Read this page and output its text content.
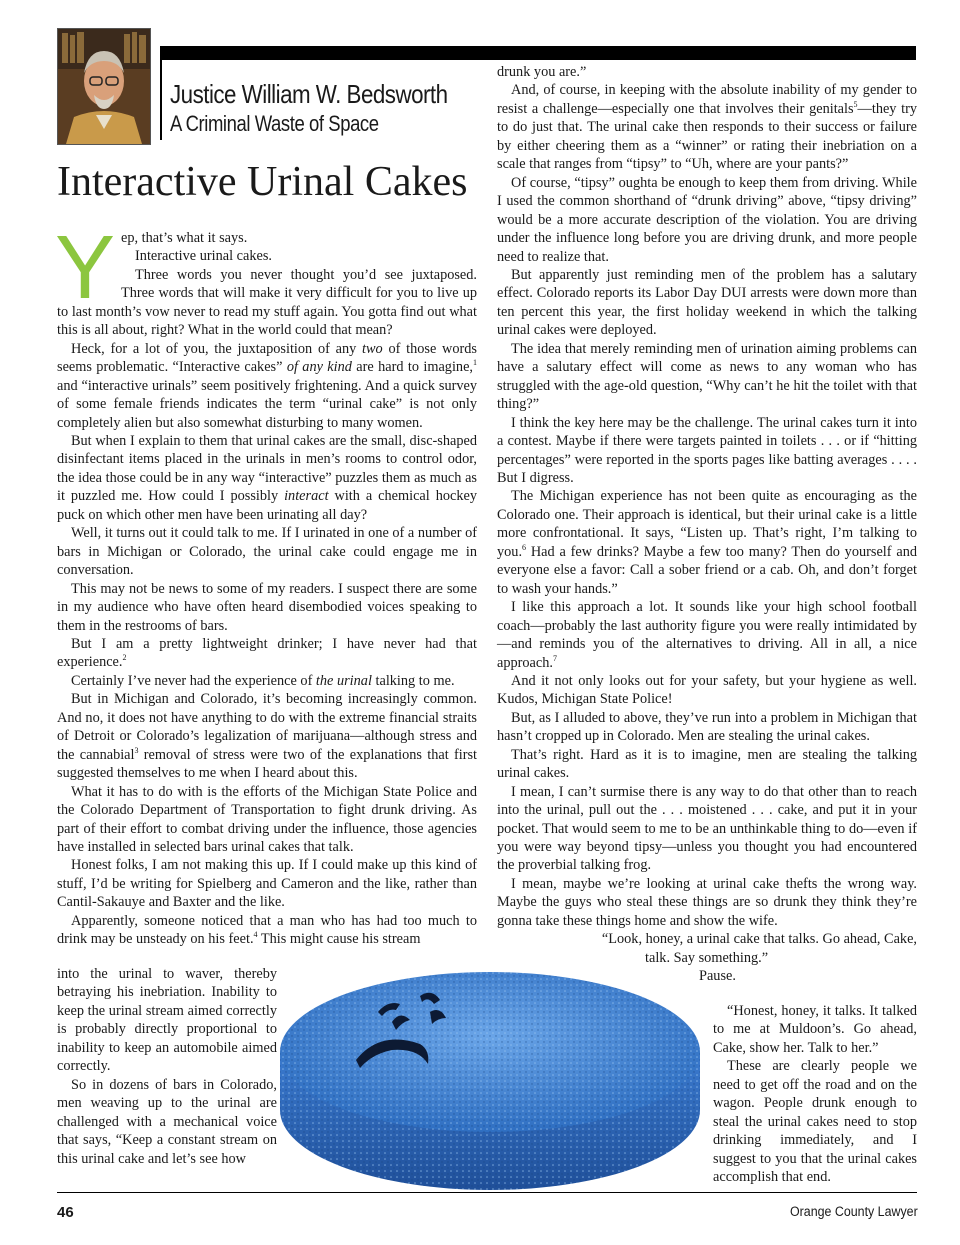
Justice William W. Bedsworth
A Criminal Waste of Space
Interactive Urinal Cakes

Yep, that’s what it says.

Interactive urinal cakes.

Three words you never thought you’d see juxtaposed. Three words that will make it very difficult for you to live up to last month’s vow never to read my stuff again. You gotta find out what this is all about, right? What in the world could that mean?

Heck, for a lot of you, the juxtaposition of any two of those words seems problematic. “Interactive cakes” of any kind are hard to imagine,$^1$ and “interactive urinals” seem positively frightening. And a quick survey of some female friends indicates the term “urinal cake” is not only completely alien but also somewhat disturbing to many women.

But when I explain to them that urinal cakes are the small, disc-shaped disinfectant items placed in the urinals in men’s rooms to control odor, the idea those could be in any way “interactive” puzzles them as much as it puzzled me. How could I possibly interact with a chemical hockey puck on which other men have been urinating all day?

Well, it turns out it could talk to me. If I urinated in one of a number of bars in Michigan or Colorado, the urinal cake could engage me in conversation.

This may not be news to some of my readers. I suspect there are some in my audience who have often heard disembodied voices speaking to them in the restrooms of bars.

But I am a pretty lightweight drinker; I have never had that experience.$^2$

Certainly I’ve never had the experience of the urinal talking to me.

But in Michigan and Colorado, it’s becoming increasingly common. And no, it does not have anything to do with the extreme financial straits of Detroit or Colorado’s legalization of marijuana—although stress and the cannabial$^3$ removal of stress were two of the explanations that first suggested themselves to me when I heard about this.

What it has to do with is the efforts of the Michigan State Police and the Colorado Department of Transportation to fight drunk driving. As part of their effort to combat driving under the influence, those agencies have installed in selected bars urinal cakes that talk.

Honest folks, I am not making this up. If I could make up this kind of stuff, I’d be writing for Spielberg and Cameron and the like, rather than Cantil-Sakauye and Baxter and the like.

Apparently, someone noticed that a man who has had too much to drink may be unsteady on his feet.$^4$ This might cause his stream

into the urinal to waver, thereby betraying his inebriation. Inability to keep the urinal stream aimed correctly is probably directly proportional to inability to keep an automobile aimed correctly.

So in dozens of bars in Colorado, men weaving up to the urinal are challenged with a mechanical voice that says, “Keep a constant stream on this urinal cake and let’s see how

drunk you are.”

And, of course, in keeping with the absolute inability of my gender to resist a challenge—especially one that involves their genitals$^5$—they try to do just that. The urinal cake then responds to their success or failure by either cheering them as a “winner” or rating their inebriation on a scale that ranges from “tipsy” to “Uh, where are your pants?”

Of course, “tipsy” oughta be enough to keep them from driving. While I used the common shorthand of “drunk driving” above, “tipsy driving” would be a more accurate description of the violation. You are driving under the influence long before you are driving drunk, and more people need to realize that.

But apparently just reminding men of the problem has a salutary effect. Colorado reports its Labor Day DUI arrests were down more than ten percent this year, the first holiday weekend in which the talking urinal cakes were deployed.

The idea that merely reminding men of urination aiming problems can have a salutary effect will come as news to any woman who has struggled with the age-old question, “Why can’t he hit the toilet with that thing?”

I think the key here may be the challenge. The urinal cakes turn it into a contest. Maybe if there were targets painted in toilets . . . or if “hitting percentages” were reported in the sports pages like batting averages . . . . But I digress.

The Michigan experience has not been quite as encouraging as the Colorado one. Their approach is identical, but their urinal cake is a little more confrontational. It says, “Listen up. That’s right, I’m talking to you.$^6$ Had a few drinks? Maybe a few too many? Then do yourself and everyone else a favor: Call a sober friend or a cab. Oh, and don’t forget to wash your hands.”

I like this approach a lot. It sounds like your high school football coach—probably the last authority figure you were really intimidated by—and reminds you of the alternatives to driving. All in all, a nice approach.$^7$

And it not only looks out for your safety, but your hygiene as well. Kudos, Michigan State Police!

But, as I alluded to above, they’ve run into a problem in Michigan that hasn’t cropped up in Colorado. Men are stealing the urinal cakes.

That’s right. Hard as it is to imagine, men are stealing the talking urinal cakes.

I mean, I can’t surmise there is any way to do that other than to reach into the urinal, pull out the . . . moistened . . . cake, and put it in your pocket. That would seem to me to be an unthinkable thing to do—even if you were way beyond tipsy—unless you thought you had encountered the proverbial talking frog.

I mean, maybe we’re looking at urinal cake thefts the wrong way. Maybe the guys who steal these things are so drunk they think they’re gonna take these things home and show the wife.

“Look, honey, a urinal cake that talks. Go ahead, Cake,

talk. Say something.”

Pause.

“Honest, honey, it talks. It talked to me at Muldoon’s. Go ahead, Cake, show her. Talk to her.”

These are clearly people we need to get off the road and on the wagon. People drunk enough to steal the urinal cakes need to stop drinking immediately, and I suggest to you that the urinal cakes accomplish that end.

46	Orange County Lawyer
